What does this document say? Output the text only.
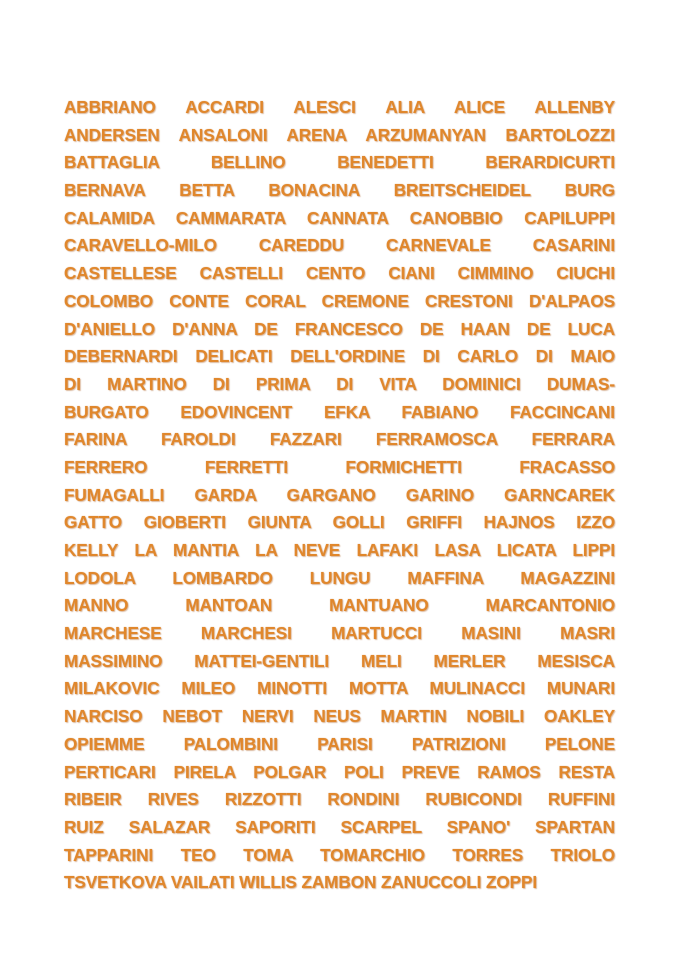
ABBRIANO ACCARDI ALESCI ALIA ALICE ALLENBY
ANDERSEN ANSALONI ARENA ARZUMANYAN BARTOLOZZI
BATTAGLIA BELLINO BENEDETTI BERARDICURTI
BERNAVA BETTA BONACINA BREITSCHEIDEL BURG
CALAMIDA CAMMARATA CANNATA CANOBBIO CAPILUPPI
CARAVELLO-MILO CAREDDU CARNEVALE CASARINI
CASTELLESE CASTELLI CENTO CIANI CIMMINO CIUCHI
COLOMBO CONTE CORAL CREMONE CRESTONI D'ALPAOS
D'ANIELLO D'ANNA DE FRANCESCO DE HAAN DE LUCA
DEBERNARDI DELICATI DELL'ORDINE DI CARLO DI MAIO
DI MARTINO DI PRIMA DI VITA DOMINICI DUMAS-
BURGATO EDOVINCENT EFKA FABIANO FACCINCANI
FARINA FAROLDI FAZZARI FERRAMOSCA FERRARA
FERRERO FERRETTI FORMICHETTI FRACASSO
FUMAGALLI GARDA GARGANO GARINO GARNCAREK
GATTO GIOBERTI GIUNTA GOLLI GRIFFI HAJNOS IZZO
KELLY LA MANTIA LA NEVE LAFAKI LASA LICATA LIPPI
LODOLA LOMBARDO LUNGU MAFFINA MAGAZZINI
MANNO MANTOAN MANTUANO MARCANTONIO
MARCHESE MARCHESI MARTUCCI MASINI MASRI
MASSIMINO MATTEI-GENTILI MELI MERLER MESISCA
MILAKOVIC MILEO MINOTTI MOTTA MULINACCI MUNARI
NARCISO NEBOT NERVI NEUS MARTIN NOBILI OAKLEY
OPIEMME PALOMBINI PARISI PATRIZIONI PELONE
PERTICARI PIRELA POLGAR POLI PREVE RAMOS RESTA
RIBEIR RIVES RIZZOTTI RONDINI RUBICONDI RUFFINI
RUIZ SALAZAR SAPORITI SCARPEL SPANO' SPARTAN
TAPPARINI TEO TOMA TOMARCHIO TORRES TRIOLO
TSVETKOVA VAILATI WILLIS ZAMBON ZANUCCOLI ZOPPI
